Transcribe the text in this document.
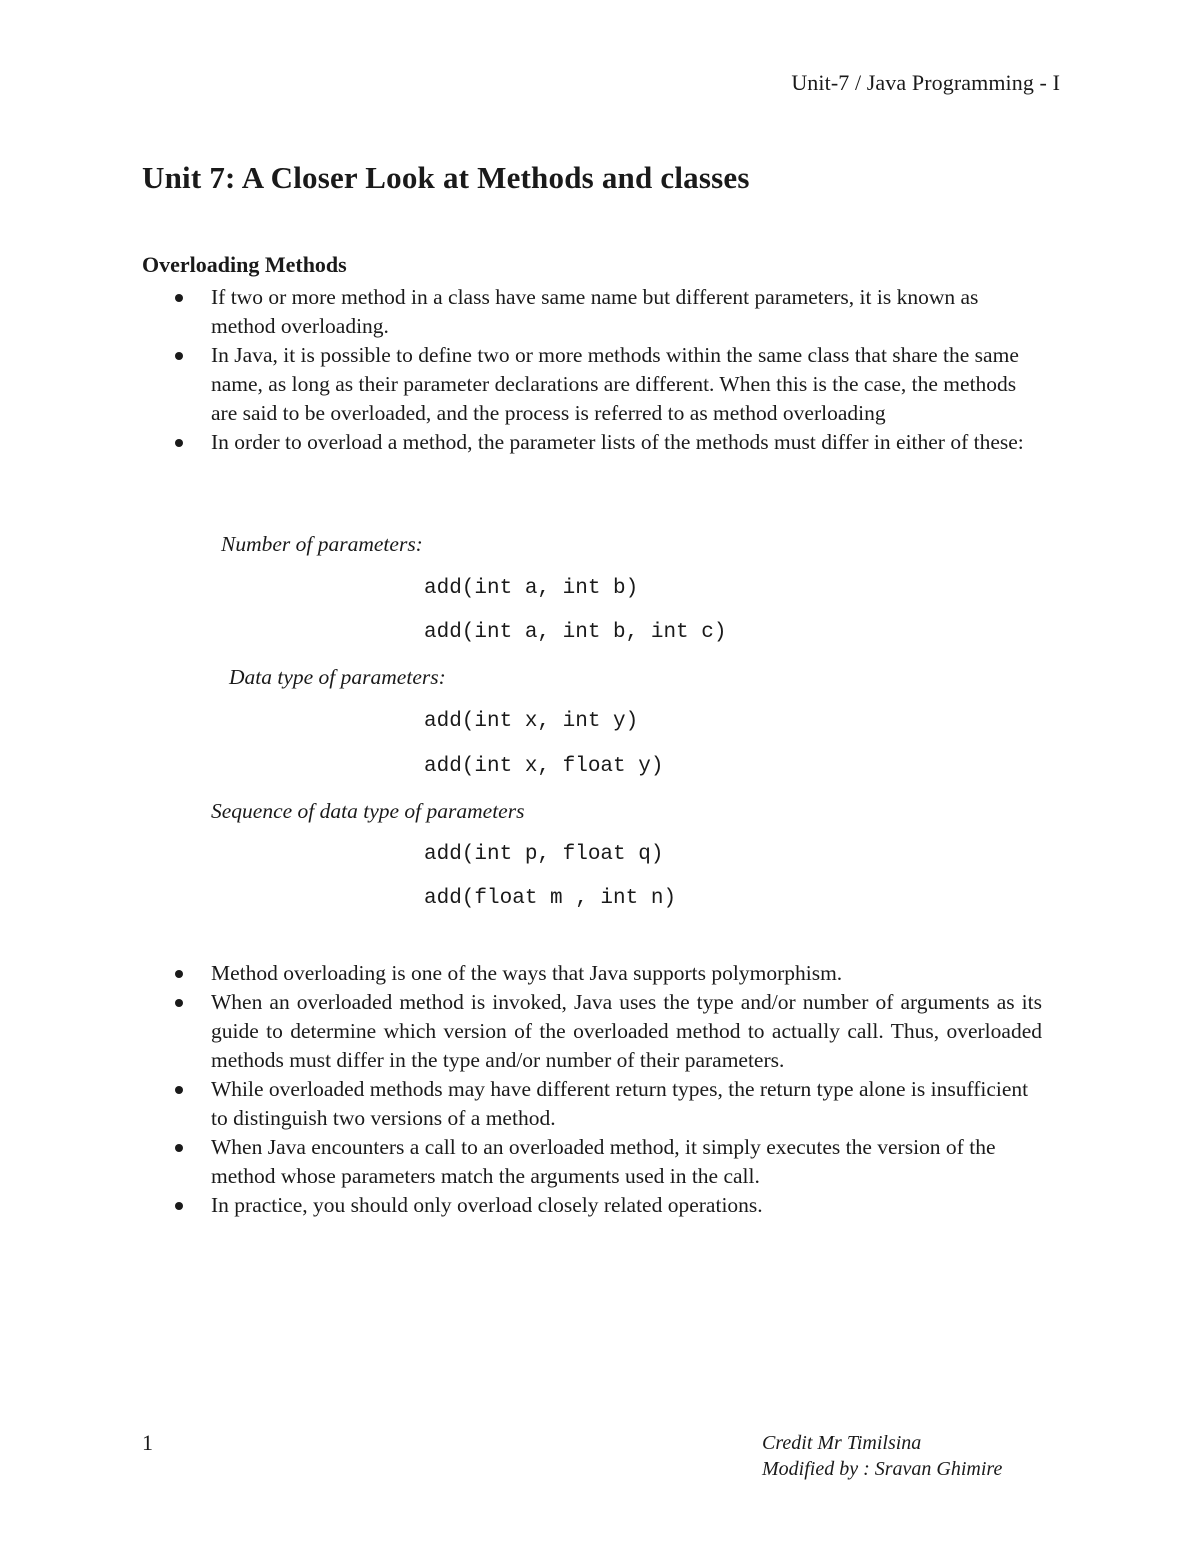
Unit-7 / Java Programming - I
Unit 7: A Closer Look at Methods and classes
Overloading Methods
If two or more method in a class have same name but different parameters, it is known as method overloading.
In Java, it is possible to define two or more methods within the same class that share the same name, as long as their parameter declarations are different. When this is the case, the methods are said to be overloaded, and the process is referred to as method overloading
In order to overload a method, the parameter lists of the methods must differ in either of these:
Number of parameters:
add(int a, int b)
add(int a, int b, int c)
Data type of parameters:
add(int x, int y)
add(int x, float y)
Sequence of data type of parameters
add(int p, float q)
add(float m , int n)
Method overloading is one of the ways that Java supports polymorphism.
When an overloaded method is invoked, Java uses the type and/or number of arguments as its guide to determine which version of the overloaded method to actually call. Thus, overloaded methods must differ in the type and/or number of their parameters.
While overloaded methods may have different return types, the return type alone is insufficient to distinguish two versions of a method.
When Java encounters a call to an overloaded method, it simply executes the version of the method whose parameters match the arguments used in the call.
In practice, you should only overload closely related operations.
1	Credit Mr Timilsina
Modified by : Sravan Ghimire
